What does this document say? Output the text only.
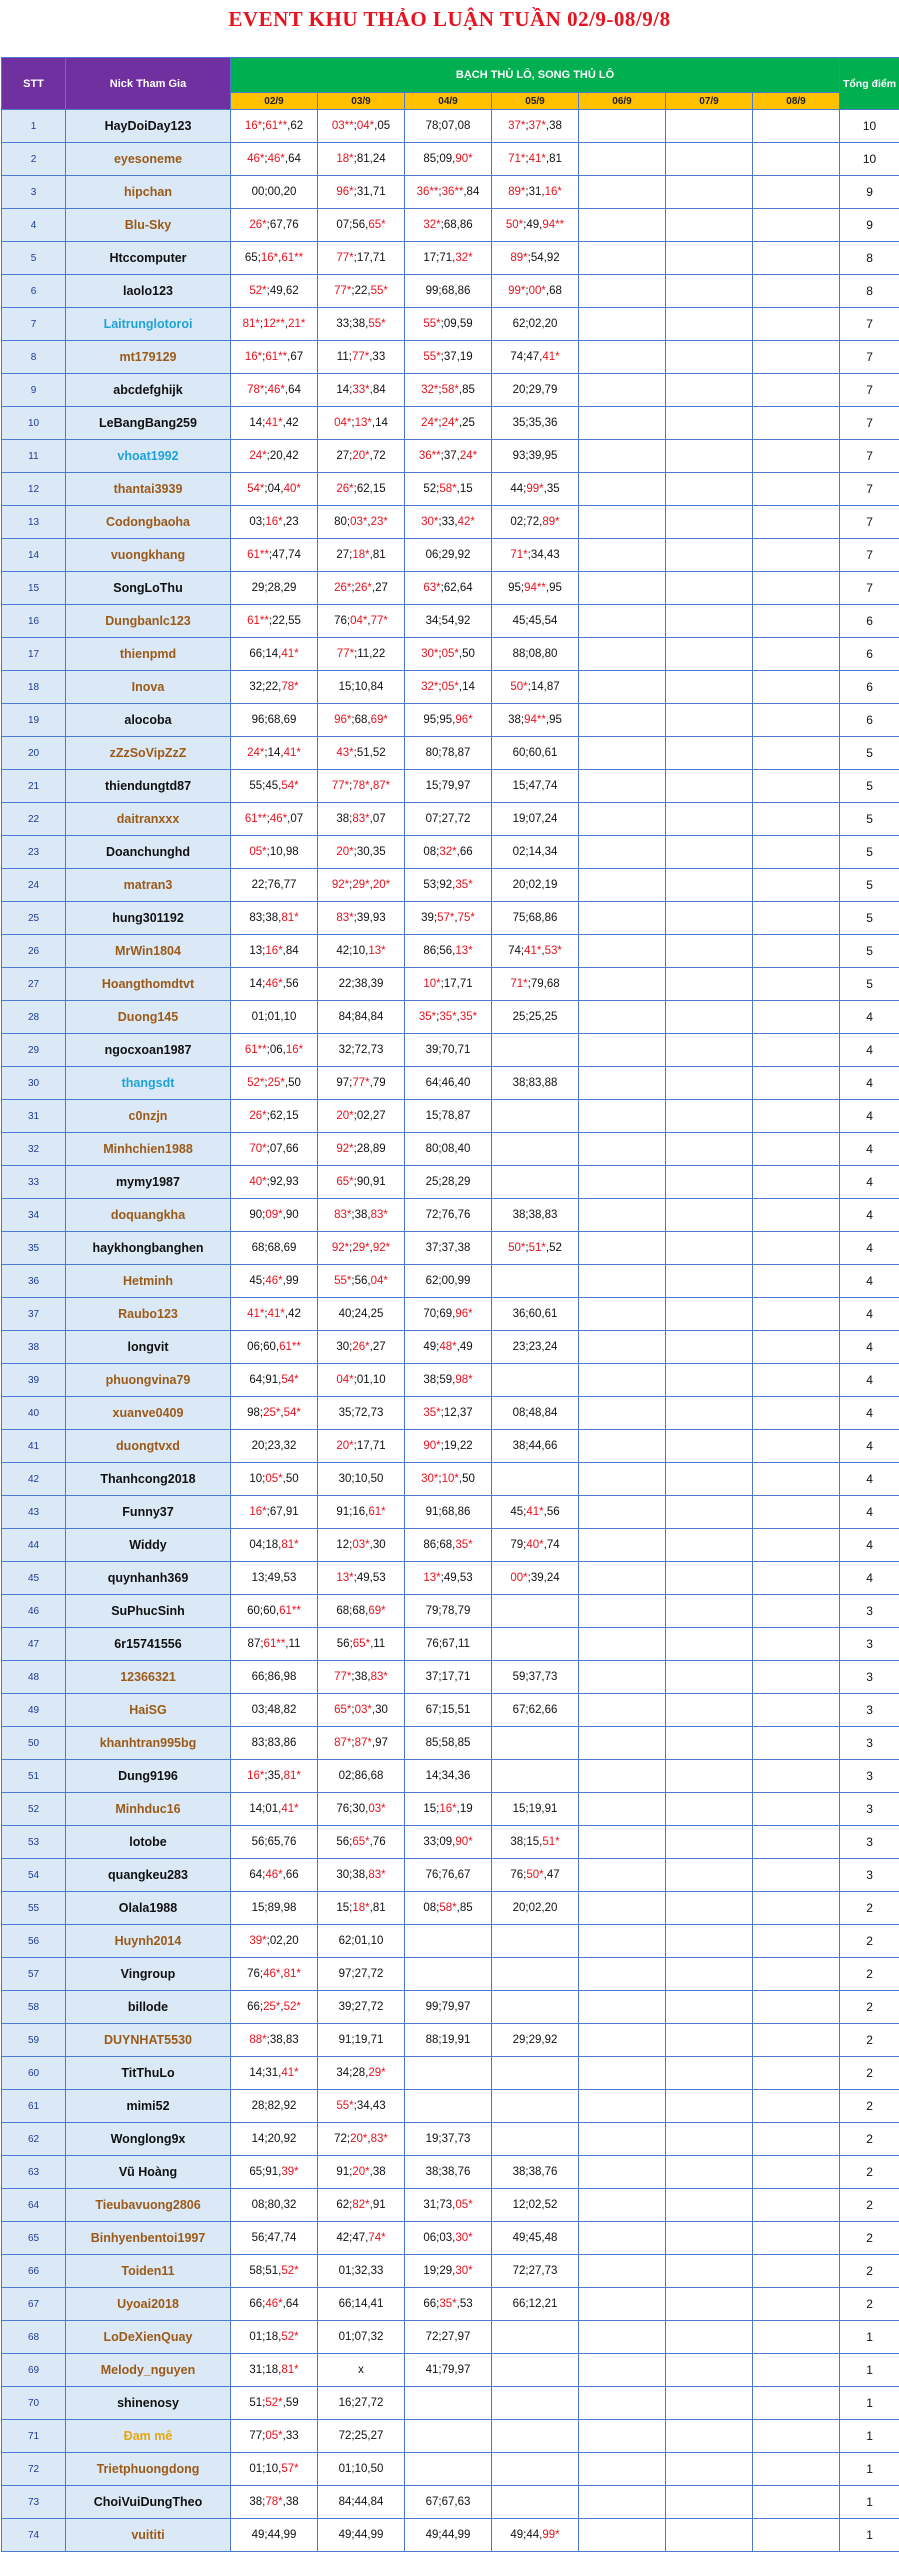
EVENT KHU THẢO LUẬN TUẦN 02/9-08/9/8
STT	Nick Tham Gia	BẠCH THỦ LÔ, SONG THỦ LÔ							Tổng điểm
		02/9	03/9	04/9	05/9	06/9	07/9	08/9	
1	HayDoiDay123	16*;61**,62	03**;04*,05	78;07,08	37*;37*,38				10
2	eyesoneme	46*;46*,64	18*;81,24	85;09,90*	71*;41*,81				10
3	hipchan	00;00,20	96*;31,71	36**;36**,84	89*;31,16*				9
4	Blu-Sky	26*;67,76	07;56,65*	32*;68,86	50*;49,94**				9
5	Htccomputer	65;16*,61**	77*;17,71	17;71,32*	89*;54,92				8
6	laolo123	52*;49,62	77*;22,55*	99;68,86	99*;00*,68				8
7	Laitrunglotoroi	81*;12**,21*	33;38,55*	55*;09,59	62;02,20				7
8	mt179129	16*;61**,67	11;77*,33	55*;37,19	74;47,41*				7
9	abcdefghijk	78*;46*,64	14;33*,84	32*;58*,85	20;29,79				7
10	LeBangBang259	14;41*,42	04*;13*,14	24*;24*,25	35;35,36				7
11	vhoat1992	24*;20,42	27;20*,72	36**;37,24*	93;39,95				7
12	thantai3939	54*;04,40*	26*;62,15	52;58*,15	44;99*,35				7
13	Codongbaoha	03;16*,23	80;03*,23*	30*;33,42*	02;72,89*				7
14	vuongkhang	61**;47,74	27;18*,81	06;29,92	71*;34,43				7
15	SongLoThu	29;28,29	26*;26*,27	63*;62,64	95;94**,95				7
16	Dungbanlc123	61**;22,55	76;04*,77*	34;54,92	45;45,54				6
17	thienpmd	66;14,41*	77*;11,22	30*;05*,50	88;08,80				6
18	Inova	32;22,78*	15;10,84	32*;05*,14	50*;14,87				6
19	alocoba	96;68,69	96*;68,69*	95;95,96*	38;94**,95				6
20	zZzSoVipZzZ	24*;14,41*	43*;51,52	80;78,87	60;60,61				5
21	thiendungtd87	55;45,54*	77*;78*,87*	15;79,97	15;47,74				5
22	daitranxxx	61**;46*,07	38;83*,07	07;27,72	19;07,24				5
23	Doanchunghd	05*;10,98	20*;30,35	08;32*,66	02;14,34				5
24	matran3	22;76,77	92*;29*,20*	53;92,35*	20;02,19				5
25	hung301192	83;38,81*	83*;39,93	39;57*,75*	75;68,86				5
26	MrWin1804	13;16*,84	42;10,13*	86;56,13*	74;41*,53*				5
27	Hoangthomdtvt	14;46*,56	22;38,39	10*;17,71	71*;79,68				5
28	Duong145	01;01,10	84;84,84	35*;35*,35*	25;25,25				4
29	ngocxoan1987	61**;06,16*	32;72,73	39;70,71					4
30	thangsdt	52*;25*,50	97;77*,79	64;46,40	38;83,88				4
31	c0nzjn	26*;62,15	20*;02,27	15;78,87					4
32	Minhchien1988	70*;07,66	92*;28,89	80;08,40					4
33	mymy1987	40*;92,93	65*;90,91	25;28,29					4
34	doquangkha	90;09*,90	83*;38,83*	72;76,76	38;38,83				4
35	haykhongbanghen	68;68,69	92*;29*,92*	37;37,38	50*;51*,52				4
36	Hetminh	45;46*,99	55*;56,04*	62;00,99					4
37	Raubo123	41*;41*,42	40;24,25	70;69,96*	36;60,61				4
38	longvit	06;60,61**	30;26*,27	49;48*,49	23;23,24				4
39	phuongvina79	64;91,54*	04*;01,10	38;59,98*					4
40	xuanve0409	98;25*,54*	35;72,73	35*;12,37	08;48,84				4
41	duongtvxd	20;23,32	20*;17,71	90*;19,22	38;44,66				4
42	Thanhcong2018	10;05*,50	30;10,50	30*;10*,50					4
43	Funny37	16*;67,91	91;16,61*	91;68,86	45;41*,56				4
44	Widdy	04;18,81*	12;03*,30	86;68,35*	79;40*,74				4
45	quynhanh369	13;49,53	13*;49,53	13*;49,53	00*;39,24				4
46	SuPhucSinh	60;60,61**	68;68,69*	79;78,79					3
47	6r15741556	87;61**,11	56;65*,11	76;67,11					3
48	12366321	66;86,98	77*;38,83*	37;17,71	59;37,73				3
49	HaiSG	03;48,82	65*;03*,30	67;15,51	67;62,66				3
50	khanhtran995bg	83;83,86	87*;87*,97	85;58,85					3
51	Dung9196	16*;35,81*	02;86,68	14;34,36					3
52	Minhduc16	14;01,41*	76;30,03*	15;16*,19	15;19,91				3
53	lotobe	56;65,76	56;65*,76	33;09,90*	38;15,51*				3
54	quangkeu283	64;46*,66	30;38,83*	76;76,67	76;50*,47				3
55	Olala1988	15;89,98	15;18*,81	08;58*,85	20;02,20				2
56	Huynh2014	39*;02,20	62;01,10						2
57	Vingroup	76;46*,81*	97;27,72						2
58	billode	66;25*,52*	39;27,72	99;79,97					2
59	DUYNHAT5530	88*;38,83	91;19,71	88;19,91	29;29,92				2
60	TitThuLo	14;31,41*	34;28,29*						2
61	mimi52	28;82,92	55*;34,43						2
62	Wonglong9x	14;20,92	72;20*,83*	19;37,73					2
63	Vũ Hoàng	65;91,39*	91;20*,38	38;38,76	38;38,76				2
64	Tieubavuong2806	08;80,32	62;82*,91	31;73,05*	12;02,52				2
65	Binhyenbentoi1997	56;47,74	42;47,74*	06;03,30*	49;45,48				2
66	Toiden11	58;51,52*	01;32,33	19;29,30*	72;27,73				2
67	Uyoai2018	66;46*,64	66;14,41	66;35*,53	66;12,21				2
68	LoDeXienQuay	01;18,52*	01;07,32	72;27,97					1
69	Melody_nguyen	31;18,81*	x	41;79,97					1
70	shinenosy	51;52*,59	16;27,72						1
71	Đam mê	77;05*,33	72;25,27						1
72	Trietphuongdong	01;10,57*	01;10,50						1
73	ChoiVuiDungTheo	38;78*,38	84;44,84	67;67,63					1
74	vuititi	49;44,99	49;44,99	49;44,99	49;44,99*				1
